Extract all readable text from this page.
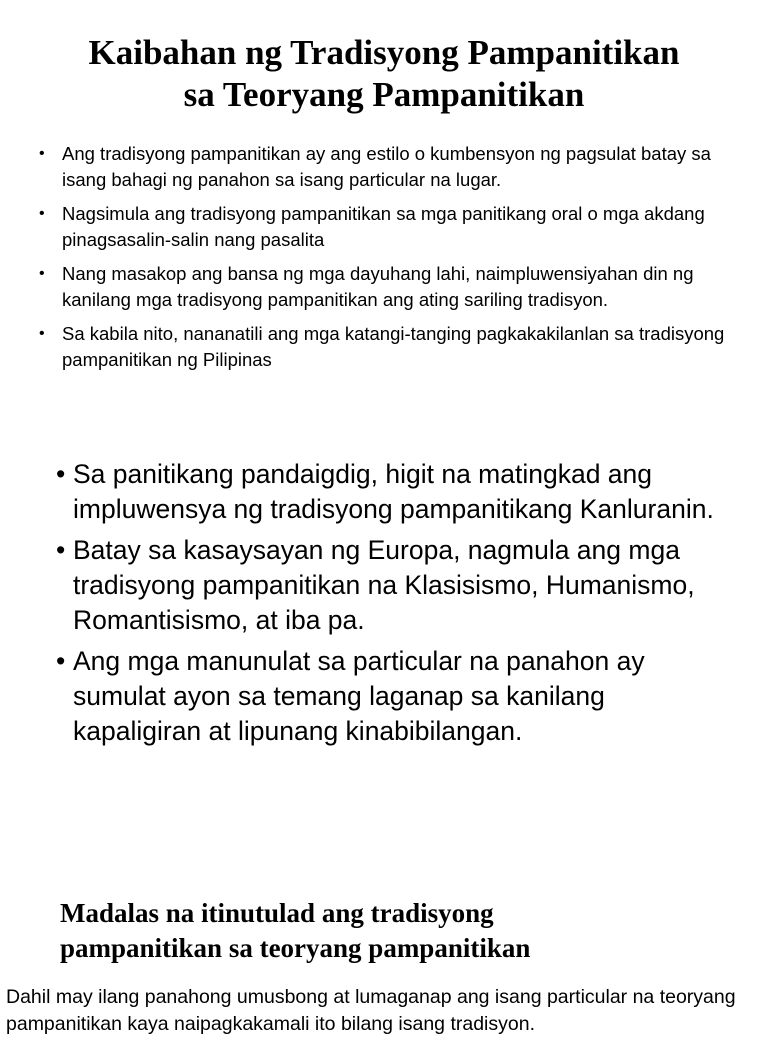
Kaibahan ng Tradisyong Pampanitikan
sa Teoryang Pampanitikan
• Ang tradisyong pampanitikan ay ang estilo o kumbensyon ng pagsulat batay sa isang bahagi ng panahon sa isang particular na lugar.
• Nagsimula ang tradisyong pampanitikan sa mga panitikang oral o mga akdang pinagsasalin-salin nang pasalita
• Nang masakop ang bansa ng mga dayuhang lahi, naimpluwensiyahan din ng kanilang mga tradisyong pampanitikan ang ating sariling tradisyon.
• Sa kabila nito, nananatili ang mga katangi-tanging pagkakakilanlan sa tradisyong pampanitikan ng Pilipinas
• Sa panitikang pandaigdig, higit na matingkad ang impluwensya ng tradisyong pampanitikang Kanluranin.
• Batay sa kasaysayan ng Europa, nagmula ang mga tradisyong pampanitikan na Klasisismo, Humanismo, Romantisismo, at iba pa.
• Ang mga manunulat sa particular na panahon ay sumulat ayon sa temang laganap sa kanilang kapaligiran at lipunang kinabibilangan.
Madalas na itinutulad ang tradisyong
pampanitikan sa teoryang pampanitikan

Dahil may ilang panahong umusbong at lumaganap ang isang particular na teoryang pampanitikan kaya naipagkakamali ito bilang isang tradisyon.
